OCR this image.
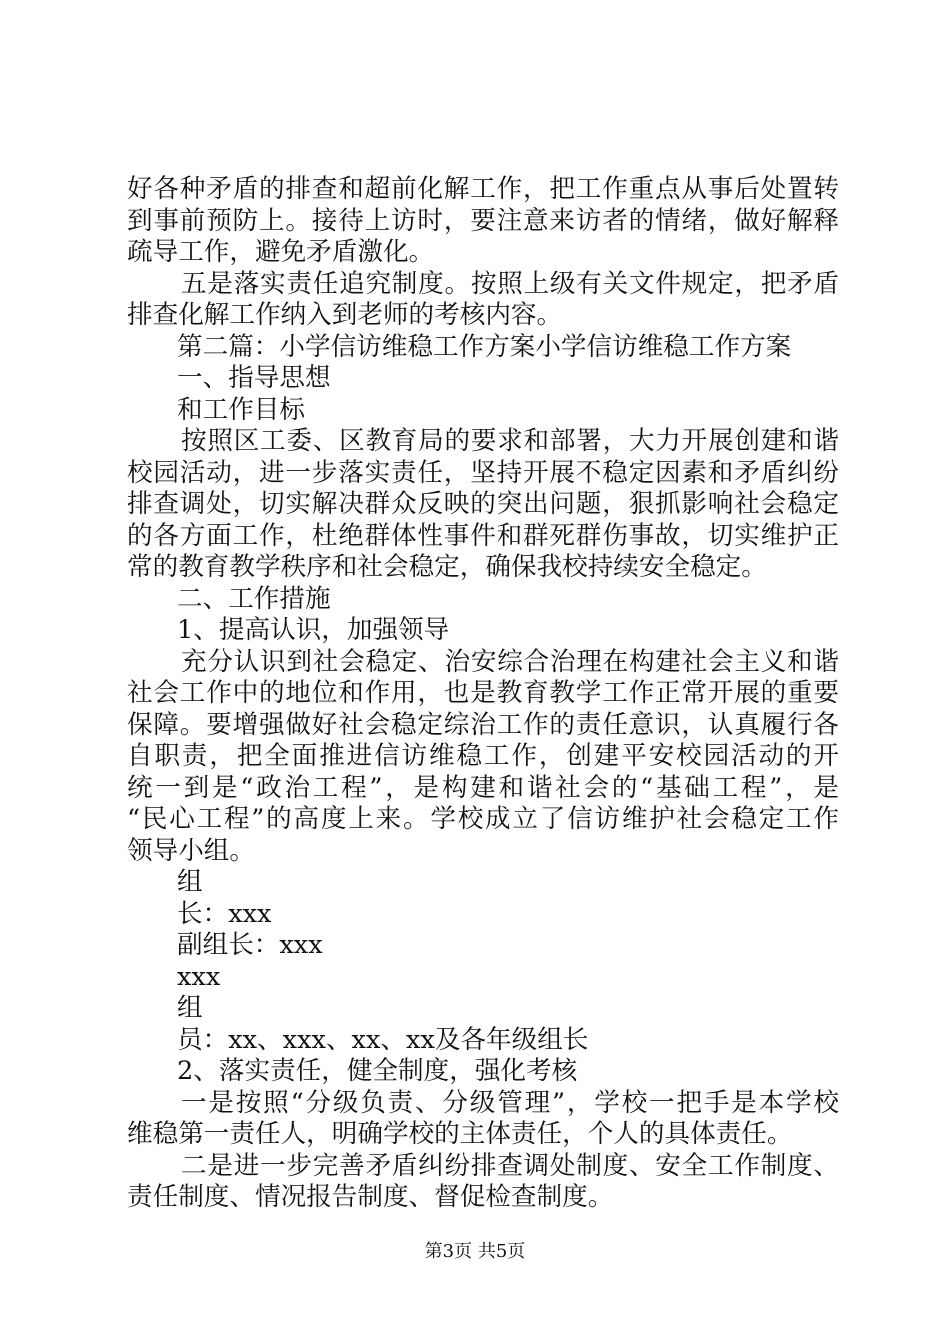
好各种矛盾的排查和超前化解工作，把工作重点从事后处置转
到事前预防上。接待上访时，要注意来访者的情绪，做好解释
疏导工作，避免矛盾激化。
五是落实责任追究制度。按照上级有关文件规定，把矛盾
排查化解工作纳入到老师的考核内容。
第二篇：小学信访维稳工作方案小学信访维稳工作方案
一、指导思想
和工作目标
按照区工委、区教育局的要求和部署，大力开展创建和谐
校园活动，进一步落实责任，坚持开展不稳定因素和矛盾纠纷
排查调处，切实解决群众反映的突出问题，狠抓影响社会稳定
的各方面工作，杜绝群体性事件和群死群伤事故，切实维护正
常的教育教学秩序和社会稳定，确保我校持续安全稳定。
二、工作措施
1、提高认识，加强领导
充分认识到社会稳定、治安综合治理在构建社会主义和谐
社会工作中的地位和作用，也是教育教学工作正常开展的重要
保障。要增强做好社会稳定综治工作的责任意识，认真履行各
自职责，把全面推进信访维稳工作，创建平安校园活动的开
统一到是“政治工程”，是构建和谐社会的“基础工程”，是
“民心工程”的高度上来。学校成立了信访维护社会稳定工作
领导小组。
组
长：xxx
副组长：xxx
xxx
组
员：xx、xxx、xx、xx及各年级组长
2、落实责任，健全制度，强化考核
一是按照“分级负责、分级管理”，学校一把手是本学校
维稳第一责任人，明确学校的主体责任，个人的具体责任。
二是进一步完善矛盾纠纷排查调处制度、安全工作制度、
责任制度、情况报告制度、督促检查制度。
第3页 共5页
